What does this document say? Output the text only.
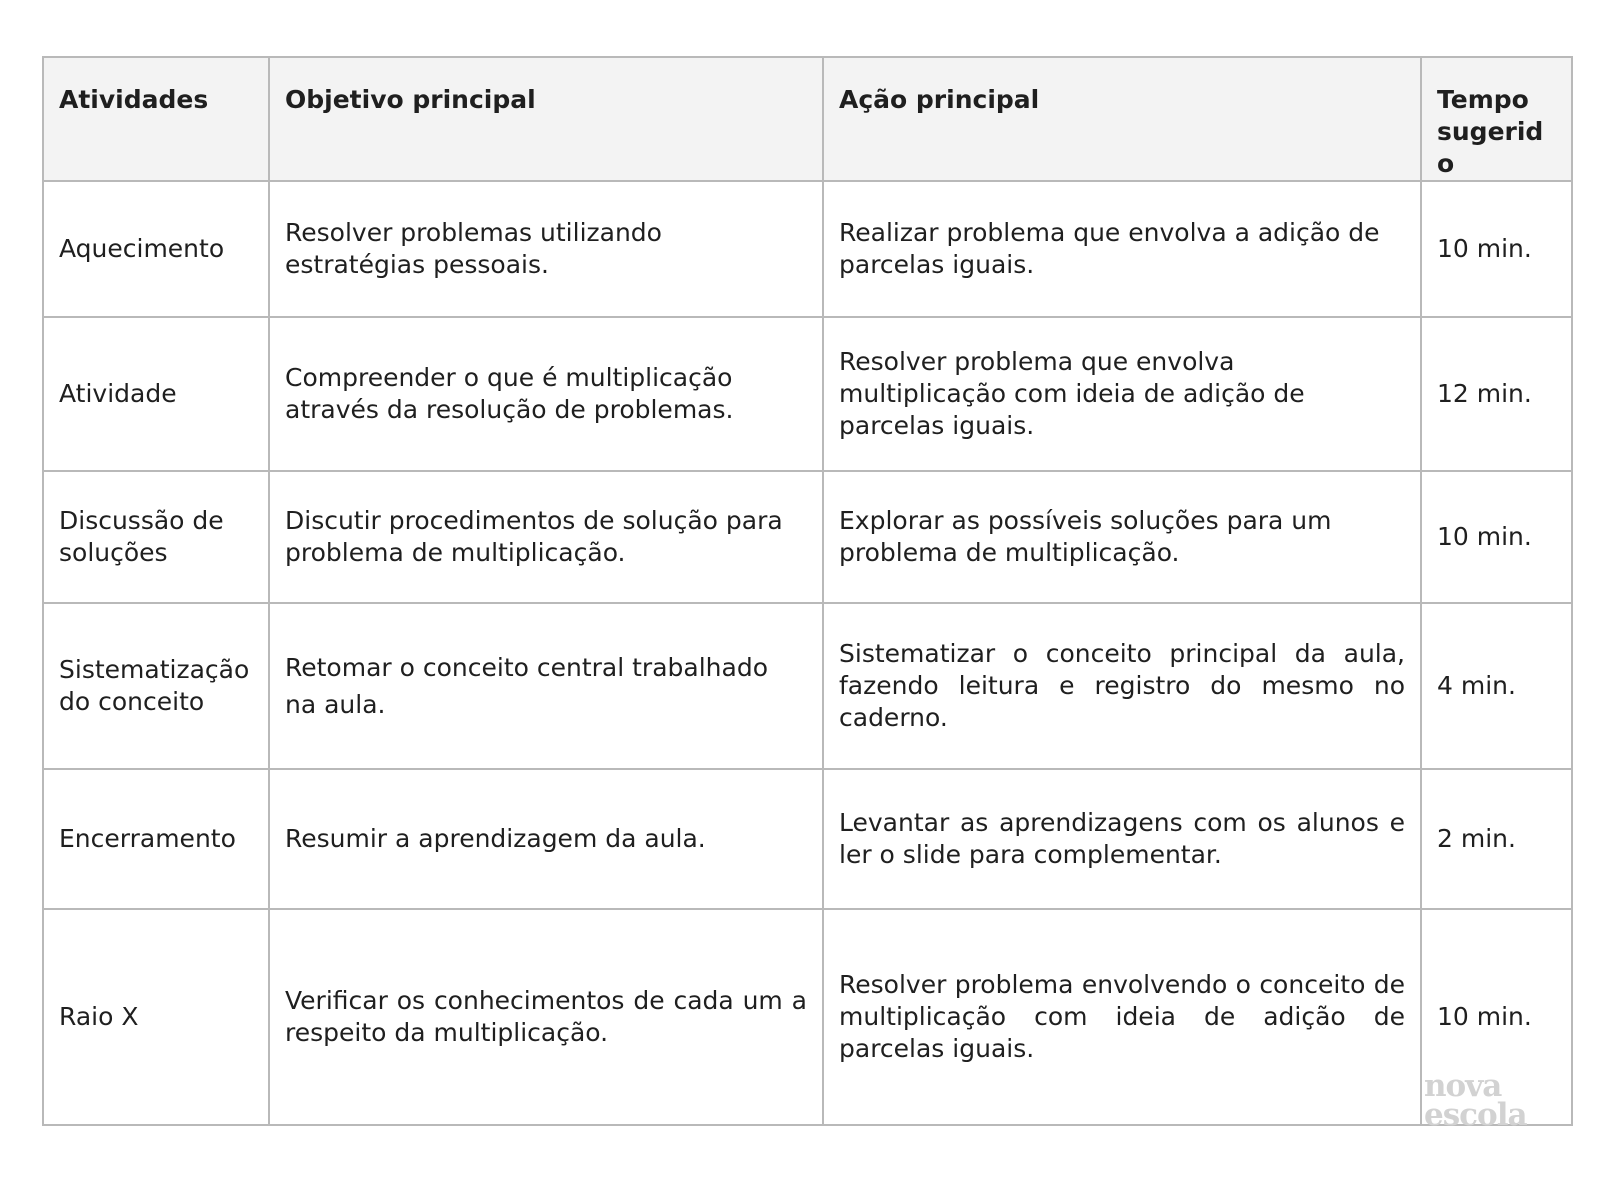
Atividades	Objetivo principal	Ação principal	Tempo sugerido
Aquecimento	Resolver problemas utilizando estratégias pessoais.	Realizar problema que envolva a adição de parcelas iguais.	10 min.
Atividade	Compreender o que é multiplicação através da resolução de problemas.	Resolver problema que envolva multiplicação com ideia de adição de parcelas iguais.	12 min.
Discussão de soluções	Discutir procedimentos de solução para problema de multiplicação.	Explorar as possíveis soluções para um problema de multiplicação.	10 min.
Sistematização do conceito	Retomar o conceito central trabalhado na aula.	Sistematizar o conceito principal da aula, fazendo leitura e registro do mesmo no caderno.	4 min.
Encerramento	Resumir a aprendizagem da aula.	Levantar as aprendizagens com os alunos e ler o slide para complementar.	2 min.
Raio X	Verificar os conhecimentos de cada um a respeito da multiplicação.	Resolver problema envolvendo o conceito de multiplicação com ideia de adição de parcelas iguais.	10 min.
nova
escola
